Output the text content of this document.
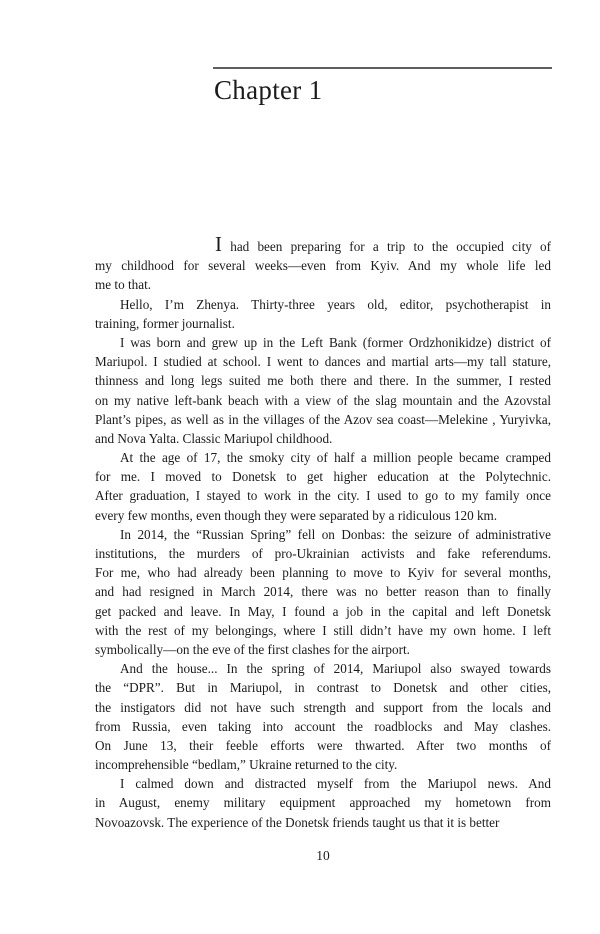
Chapter 1
I had been preparing for a trip to the occupied city of
my childhood for several weeks—even from Kyiv. And my whole life led
me to that.
Hello, I’m Zhenya. Thirty-three years old, editor, psychotherapist in
training, former journalist.
I was born and grew up in the Left Bank (former Ordzhonikidze) district of
Mariupol. I studied at school. I went to dances and martial arts—my tall stature,
thinness and long legs suited me both there and there. In the summer, I rested
on my native left-bank beach with a view of the slag mountain and the Azovstal
Plant’s pipes, as well as in the villages of the Azov sea coast—Melekine , Yuryivka,
and Nova Yalta. Classic Mariupol childhood.
At the age of 17, the smoky city of half a million people became cramped
for me. I moved to Donetsk to get higher education at the Polytechnic.
After graduation, I stayed to work in the city. I used to go to my family once
every few months, even though they were separated by a ridiculous 120 km.
In 2014, the “Russian Spring” fell on Donbas: the seizure of administrative
institutions, the murders of pro-Ukrainian activists and fake referendums.
For me, who had already been planning to move to Kyiv for several months,
and had resigned in March 2014, there was no better reason than to finally
get packed and leave. In May, I found a job in the capital and left Donetsk
with the rest of my belongings, where I still didn’t have my own home. I left
symbolically—on the eve of the first clashes for the airport.
And the house... In the spring of 2014, Mariupol also swayed towards
the “DPR”. But in Mariupol, in contrast to Donetsk and other cities,
the instigators did not have such strength and support from the locals and
from Russia, even taking into account the roadblocks and May clashes.
On June 13, their feeble efforts were thwarted. After two months of
incomprehensible “bedlam,” Ukraine returned to the city.
I calmed down and distracted myself from the Mariupol news. And
in August, enemy military equipment approached my hometown from
Novoazovsk. The experience of the Donetsk friends taught us that it is better
10
